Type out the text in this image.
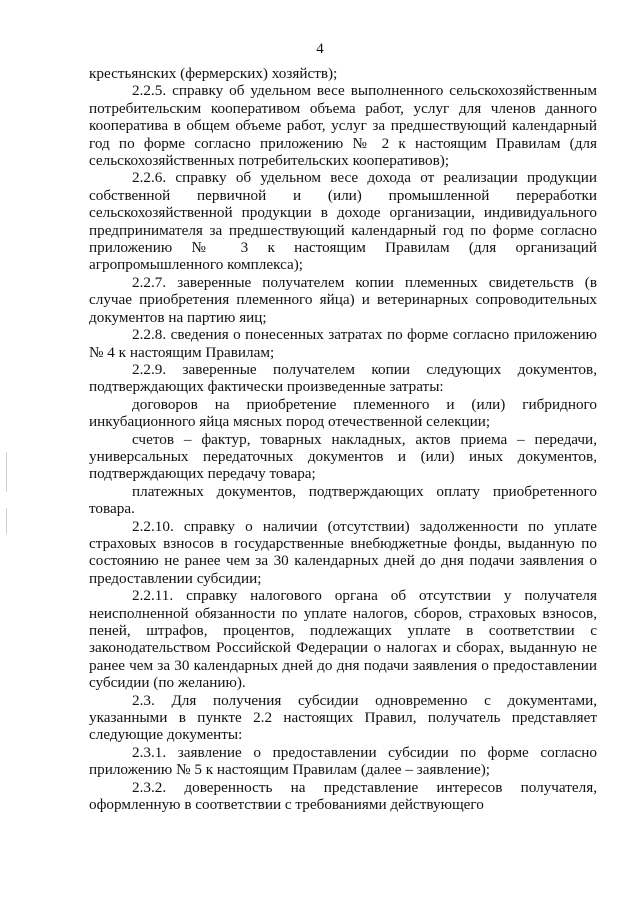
4

крестьянских (фермерских) хозяйств);

2.2.5. справку об удельном весе выполненного сельскохозяйственным потребительским кооперативом объема работ, услуг для членов данного кооператива в общем объеме работ, услуг за предшествующий календарный год по форме согласно приложению № 2 к настоящим Правилам (для сельскохозяйственных потребительских кооперативов);

2.2.6. справку об удельном весе дохода от реализации продукции собственной первичной и (или) промышленной переработки сельскохозяйственной продукции в доходе организации, индивидуального предпринимателя за предшествующий календарный год по форме согласно приложению № 3 к настоящим Правилам (для организаций агропромышленного комплекса);

2.2.7. заверенные получателем копии племенных свидетельств (в случае приобретения племенного яйца) и ветеринарных сопроводительных документов на партию яиц;

2.2.8. сведения о понесенных затратах по форме согласно приложению № 4 к настоящим Правилам;

2.2.9. заверенные получателем копии следующих документов, подтверждающих фактически произведенные затраты:

договоров на приобретение племенного и (или) гибридного инкубационного яйца мясных пород отечественной селекции;

счетов – фактур, товарных накладных, актов приема – передачи, универсальных передаточных документов и (или) иных документов, подтверждающих передачу товара;

платежных документов, подтверждающих оплату приобретенного товара.

2.2.10. справку о наличии (отсутствии) задолженности по уплате страховых взносов в государственные внебюджетные фонды, выданную по состоянию не ранее чем за 30 календарных дней до дня подачи заявления о предоставлении субсидии;

2.2.11. справку налогового органа об отсутствии у получателя неисполненной обязанности по уплате налогов, сборов, страховых взносов, пеней, штрафов, процентов, подлежащих уплате в соответствии с законодательством Российской Федерации о налогах и сборах, выданную не ранее чем за 30 календарных дней до дня подачи заявления о предоставлении субсидии (по желанию).

2.3. Для получения субсидии одновременно с документами, указанными в пункте 2.2 настоящих Правил, получатель представляет следующие документы:

2.3.1. заявление о предоставлении субсидии по форме согласно приложению № 5 к настоящим Правилам (далее – заявление);

2.3.2. доверенность на представление интересов получателя, оформленную в соответствии с требованиями действующего
